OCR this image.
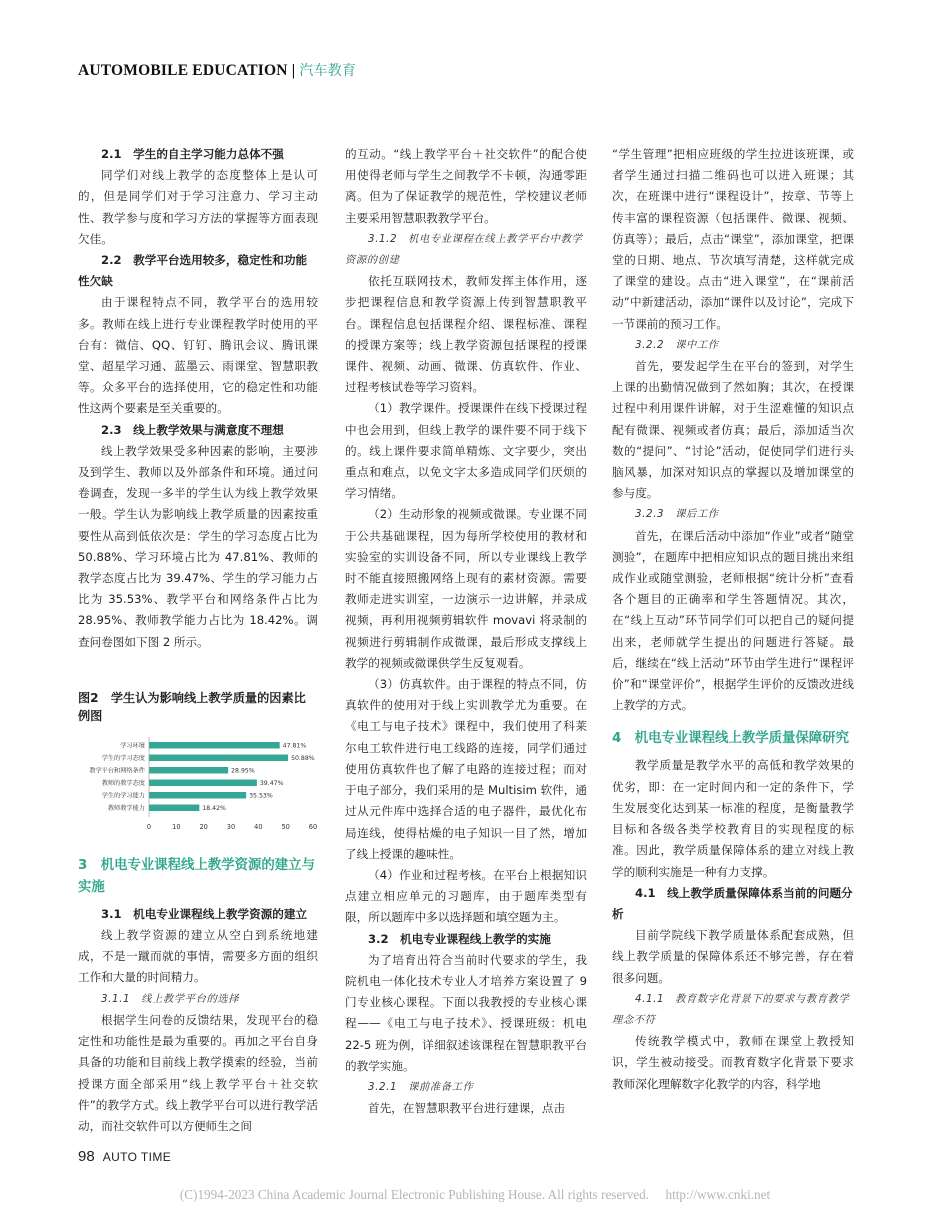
AUTOMOBILE EDUCATION | 汽车教育

2.1　学生的自主学习能力总体不强

同学们对线上教学的态度整体上是认可的，但是同学们对于学习注意力、学习主动性、教学参与度和学习方法的掌握等方面表现欠佳。

2.2　教学平台选用较多，稳定性和功能性欠缺

由于课程特点不同，教学平台的选用较多。教师在线上进行专业课程教学时使用的平台有：微信、QQ、钉钉、腾讯会议、腾讯课堂、超星学习通、蓝墨云、雨课堂、智慧职教等。众多平台的选择使用，它的稳定性和功能性这两个要素是至关重要的。

2.3　线上教学效果与满意度不理想

线上教学效果受多种因素的影响，主要涉及到学生、教师以及外部条件和环境。通过问卷调查，发现一多半的学生认为线上教学效果一般。学生认为影响线上教学质量的因素按重要性从高到低依次是：学生的学习态度占比为 50.88%、学习环境占比为 47.81%、教师的教学态度占比为 39.47%、学生的学习能力占比为 35.53%、教学平台和网络条件占比为 28.95%、教师教学能力占比为 18.42%。调查问卷图如下图 2 所示。

图2　学生认为影响线上教学质量的因素比例图
学习环境	47.81%
学生的学习态度	50.88%
教学平台和网络条件	28.95%
教师的教学态度	39.47%
学生的学习能力	35.53%
教师教学能力	18.42%
0	10	20	30	40	50	60
3　机电专业课程线上教学资源的建立与实施

3.1　机电专业课程线上教学资源的建立

线上教学资源的建立从空白到系统地建成，不是一蹴而就的事情，需要多方面的组织工作和大量的时间精力。

3.1.1　线上教学平台的选择

根据学生问卷的反馈结果，发现平台的稳定性和功能性是最为重要的。再加之平台自身具备的功能和目前线上教学摸索的经验，当前授课方面全部采用“线上教学平台＋社交软件”的教学方式。线上教学平台可以进行教学活动，而社交软件可以方便师生之间

的互动。“线上教学平台＋社交软件”的配合使用使得老师与学生之间教学不卡顿，沟通零距离。但为了保证教学的规范性，学校建议老师主要采用智慧职教教学平台。

3.1.2　机电专业课程在线上教学平台中教学资源的创建

依托互联网技术，教师发挥主体作用，逐步把课程信息和教学资源上传到智慧职教平台。课程信息包括课程介绍、课程标准、课程的授课方案等；线上教学资源包括课程的授课课件、视频、动画、微课、仿真软件、作业、过程考核试卷等学习资料。

（1）教学课件。授课课件在线下授课过程中也会用到，但线上教学的课件要不同于线下的。线上课件要求简单精炼、文字要少，突出重点和难点，以免文字太多造成同学们厌烦的学习情绪。

（2）生动形象的视频或微课。专业课不同于公共基础课程，因为每所学校使用的教材和实验室的实训设备不同，所以专业课线上教学时不能直接照搬网络上现有的素材资源。需要教师走进实训室，一边演示一边讲解，并录成视频，再利用视频剪辑软件 movavi 将录制的视频进行剪辑制作成微课，最后形成支撑线上教学的视频或微课供学生反复观看。

（3）仿真软件。由于课程的特点不同，仿真软件的使用对于线上实训教学尤为重要。在《电工与电子技术》课程中，我们使用了科莱尔电工软件进行电工线路的连接，同学们通过使用仿真软件也了解了电路的连接过程；而对于电子部分，我们采用的是 Multisim 软件，通过从元件库中选择合适的电子器件，最优化布局连线，使得枯燥的电子知识一目了然，增加了线上授课的趣味性。

（4）作业和过程考核。在平台上根据知识点建立相应单元的习题库，由于题库类型有限，所以题库中多以选择题和填空题为主。

3.2　机电专业课程线上教学的实施

为了培育出符合当前时代要求的学生，我院机电一体化技术专业人才培养方案设置了 9 门专业核心课程。下面以我教授的专业核心课程——《电工与电子技术》、授课班级：机电 22-5 班为例，详细叙述该课程在智慧职教平台的教学实施。

3.2.1　课前准备工作

首先，在智慧职教平台进行建课，点击

“学生管理”把相应班级的学生拉进该班课，或者学生通过扫描二维码也可以进入班课；其次，在班课中进行“课程设计”，按章、节等上传丰富的课程资源（包括课件、微课、视频、仿真等）；最后，点击“课堂”，添加课堂，把课堂的日期、地点、节次填写清楚，这样就完成了课堂的建设。点击“进入课堂”，在“课前活动”中新建活动，添加“课件以及讨论”，完成下一节课前的预习工作。

3.2.2　课中工作

首先，要发起学生在平台的签到，对学生上课的出勤情况做到了然如胸；其次，在授课过程中利用课件讲解，对于生涩难懂的知识点配有微课、视频或者仿真；最后，添加适当次数的“提问”、“讨论”活动，促使同学们进行头脑风暴，加深对知识点的掌握以及增加课堂的参与度。

3.2.3　课后工作

首先，在课后活动中添加“作业”或者“随堂测验”，在题库中把相应知识点的题目挑出来组成作业或随堂测验，老师根据“统计分析”查看各个题目的正确率和学生答题情况。其次，在“线上互动”环节同学们可以把自己的疑问提出来，老师就学生提出的问题进行答疑。最后，继续在“线上活动”环节由学生进行“课程评价”和“课堂评价”，根据学生评价的反馈改进线上教学的方式。

4　机电专业课程线上教学质量保障研究

教学质量是教学水平的高低和教学效果的优劣，即：在一定时间内和一定的条件下，学生发展变化达到某一标准的程度，是衡量教学目标和各级各类学校教育目的实现程度的标准。因此，教学质量保障体系的建立对线上教学的顺利实施是一种有力支撑。

4.1　线上教学质量保障体系当前的问题分析

目前学院线下教学质量体系配套成熟，但线上教学质量的保障体系还不够完善，存在着很多问题。

4.1.1　教育数字化背景下的要求与教育教学理念不符

传统教学模式中，教师在课堂上教授知识，学生被动接受。而教育数字化背景下要求教师深化理解数字化教学的内容，科学地

98 AUTO TIME
(C)1994-2023 China Academic Journal Electronic Publishing House. All rights reserved.　 http://www.cnki.net
